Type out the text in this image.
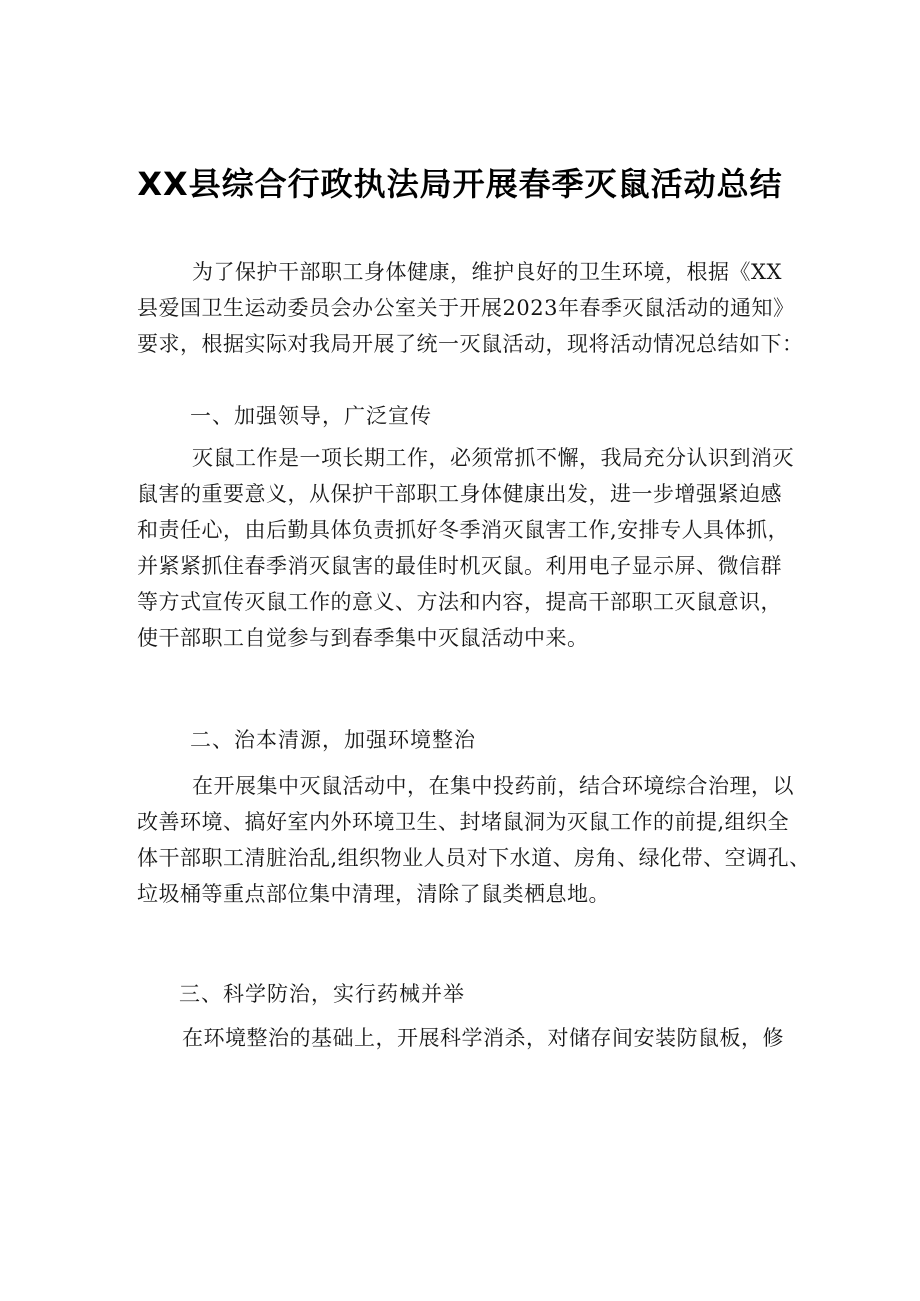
XX县综合行政执法局开展春季灭鼠活动总结
为了保护干部职工身体健康，维护良好的卫生环境，根据《XX
县爱国卫生运动委员会办公室关于开展2023年春季灭鼠活动的通知》
要求，根据实际对我局开展了统一灭鼠活动，现将活动情况总结如下：

一、加强领导，广泛宣传

灭鼠工作是一项长期工作，必须常抓不懈，我局充分认识到消灭
鼠害的重要意义，从保护干部职工身体健康出发，进一步增强紧迫感
和责任心，由后勤具体负责抓好冬季消灭鼠害工作,安排专人具体抓，
并紧紧抓住春季消灭鼠害的最佳时机灭鼠。利用电子显示屏、微信群
等方式宣传灭鼠工作的意义、方法和内容，提高干部职工灭鼠意识，
使干部职工自觉参与到春季集中灭鼠活动中来。

二、治本清源，加强环境整治

在开展集中灭鼠活动中，在集中投药前，结合环境综合治理，以
改善环境、搞好室内外环境卫生、封堵鼠洞为灭鼠工作的前提,组织全
体干部职工清脏治乱,组织物业人员对下水道、房角、绿化带、空调孔、
垃圾桶等重点部位集中清理，清除了鼠类栖息地。

三、科学防治，实行药械并举

在环境整治的基础上，开展科学消杀，对储存间安装防鼠板，修
